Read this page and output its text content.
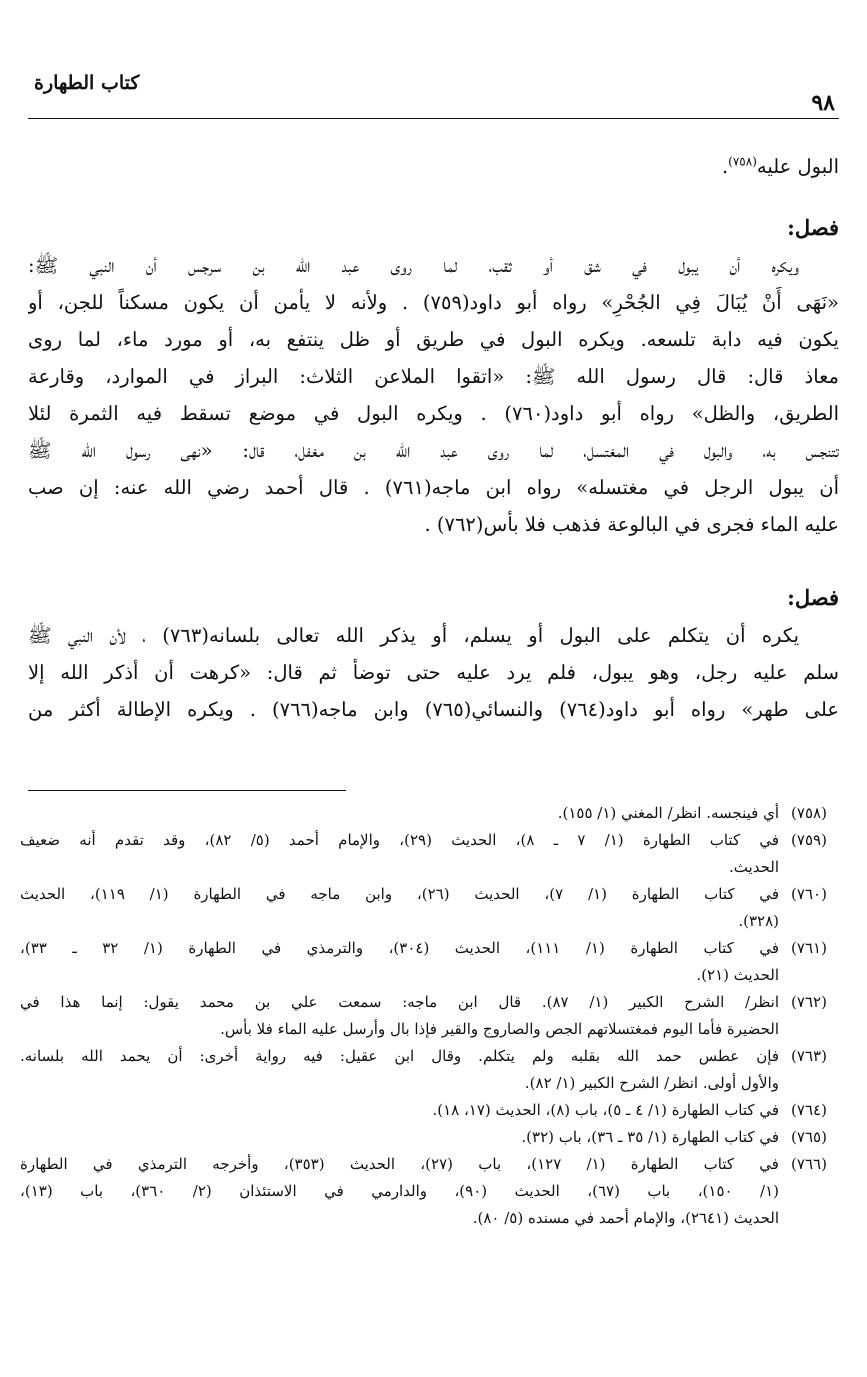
كتاب الطهارة
٩٨
البول عليه$^{(٧٥٨)}$.
فصل:
ويكره أن يبول في شق أو ثقب، لما روى عبد الله بن سرجس أن النبي ﷺ:
«نَهَى أَنْ يُبَالَ فِي الجُحْرِ» رواه أبو داود(٧٥٩) . ولأنه لا يأمن أن يكون مسكناً للجن، أو
يكون فيه دابة تلسعه. ويكره البول في طريق أو ظل ينتفع به، أو مورد ماء، لما روى
معاذ قال: قال رسول الله ﷺ: «اتقوا الملاعن الثلاث: البراز في الموارد، وقارعة
الطريق، والظل» رواه أبو داود(٧٦٠) . ويكره البول في موضع تسقط فيه الثمرة لئلا
تتنجس به، والبول في المغتسل، لما روى عبد الله بن مغفل، قال: «نهى رسول الله ﷺ
أن يبول الرجل في مغتسله» رواه ابن ماجه(٧٦١) . قال أحمد رضي الله عنه: إن صب
عليه الماء فجرى في البالوعة فذهب فلا بأس(٧٦٢) .
فصل:
يكره أن يتكلم على البول أو يسلم، أو يذكر الله تعالى بلسانه(٧٦٣) ، لأن النبي ﷺ
سلم عليه رجل، وهو يبول، فلم يرد عليه حتى توضأ ثم قال: «كرهت أن أذكر الله إلا
على طهر» رواه أبو داود(٧٦٤) والنسائي(٧٦٥) وابن ماجه(٧٦٦) . ويكره الإطالة أكثر من
(٧٥٨)
أي فينجسه. انظر/ المغني (١/ ١٥٥).
(٧٥٩)
في كتاب الطهارة (١/ ٧ ـ ٨)، الحديث (٢٩)، والإمام أحمد (٥/ ٨٢)، وقد تقدم أنه ضعيف
الحديث.
(٧٦٠)
في كتاب الطهارة (١/ ٧)، الحديث (٢٦)، وابن ماجه في الطهارة (١/ ١١٩)، الحديث
(٣٢٨).
(٧٦١)
في كتاب الطهارة (١/ ١١١)، الحديث (٣٠٤)، والترمذي في الطهارة (١/ ٣٢ ـ ٣٣)،
الحديث (٢١).
(٧٦٢)
انظر/ الشرح الكبير (١/ ٨٧). قال ابن ماجه: سمعت علي بن محمد يقول: إنما هذا في
الحضيرة فأما اليوم فمغتسلاتهم الجص والصاروج والقير فإذا بال وأرسل عليه الماء فلا بأس.
(٧٦٣)
فإن عطس حمد الله بقلبه ولم يتكلم. وقال ابن عقيل: فيه رواية أخرى: أن يحمد الله بلسانه.
والأول أولى. انظر/ الشرح الكبير (١/ ٨٢).
(٧٦٤)
في كتاب الطهارة (١/ ٤ ـ ٥)، باب (٨)، الحديث (١٧، ١٨).
(٧٦٥)
في كتاب الطهارة (١/ ٣٥ ـ ٣٦)، باب (٣٢).
(٧٦٦)
في كتاب الطهارة (١/ ١٢٧)، باب (٢٧)، الحديث (٣٥٣)، وأخرجه الترمذي في الطهارة
(١/ ١٥٠)، باب (٦٧)، الحديث (٩٠)، والدارمي في الاستئذان (٢/ ٣٦٠)، باب (١٣)،
الحديث (٢٦٤١)، والإمام أحمد في مسنده (٥/ ٨٠).
